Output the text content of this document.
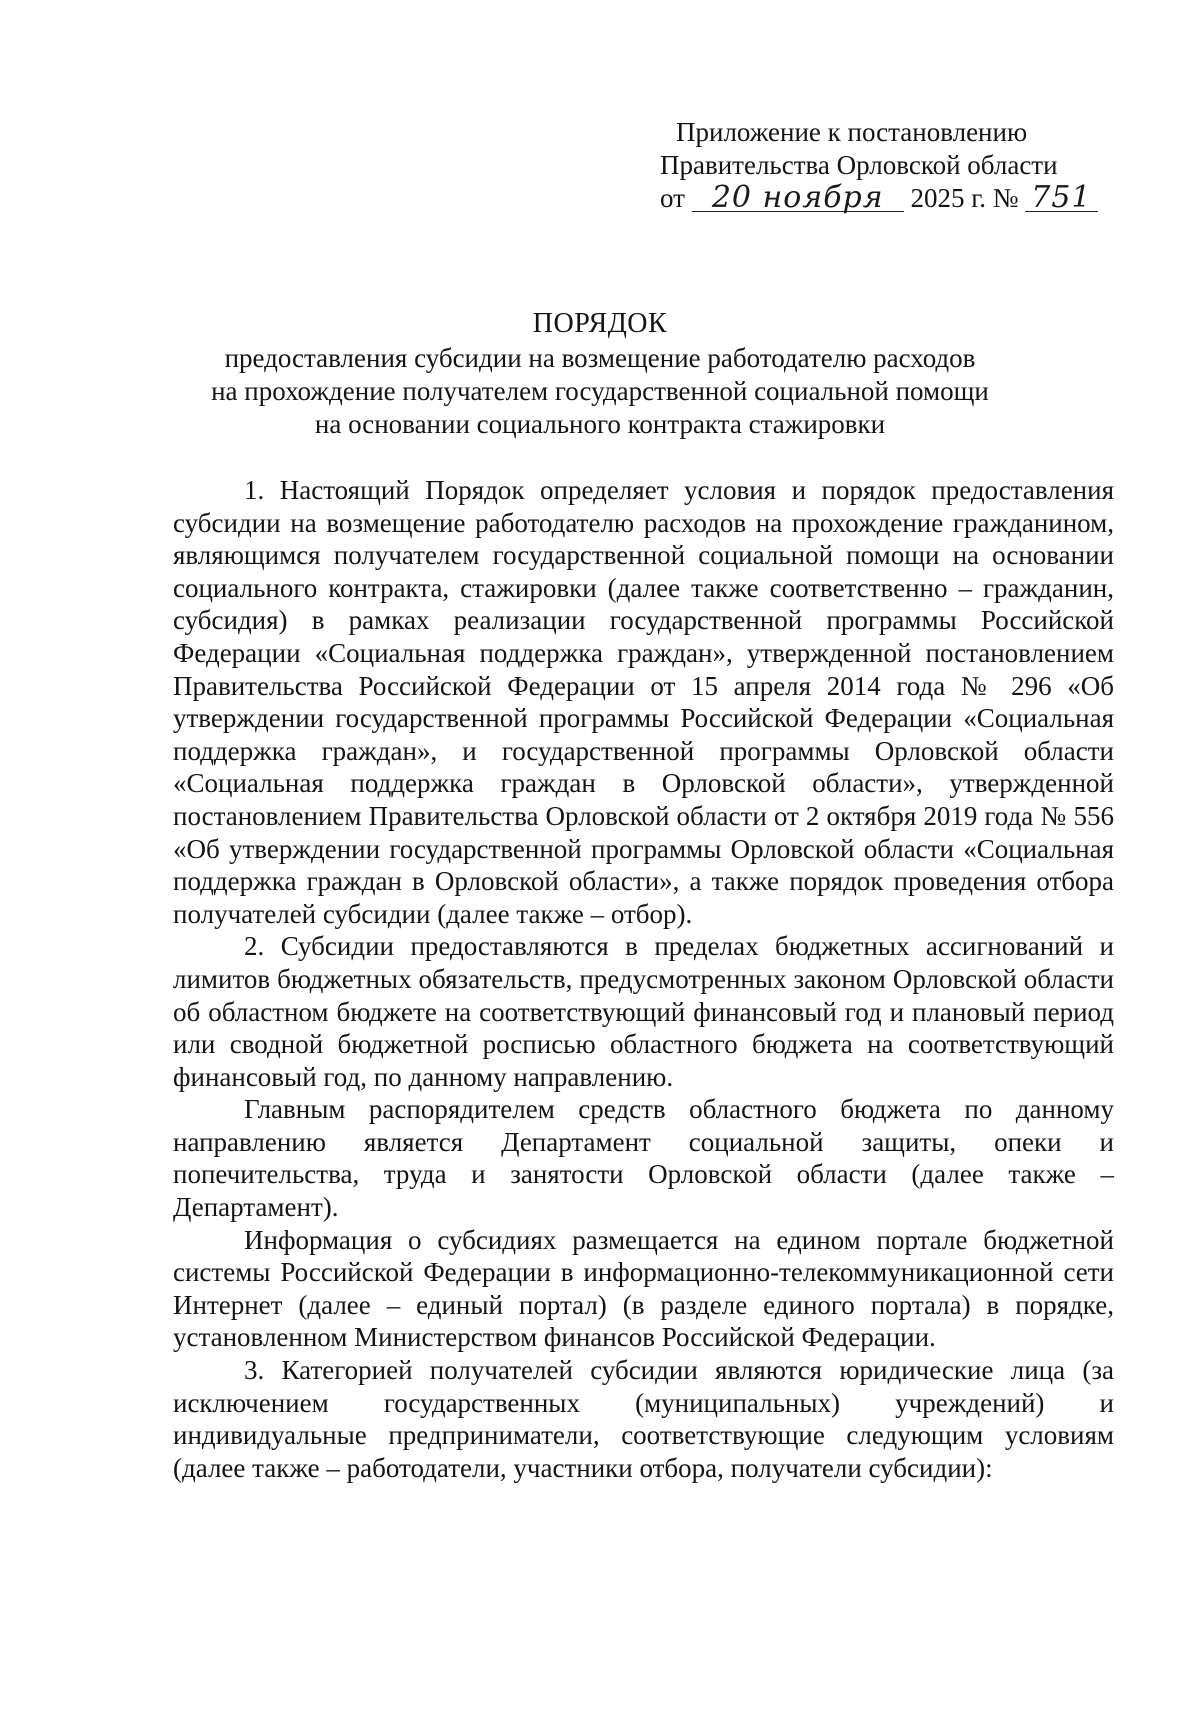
Приложение к постановлению
Правительства Орловской области
от 20 ноября 2025 г. № 751
ПОРЯДОК
предоставления субсидии на возмещение работодателю расходов
на прохождение получателем государственной социальной помощи
на основании социального контракта стажировки

1. Настоящий Порядок определяет условия и порядок предоставления субсидии на возмещение работодателю расходов на прохождение гражданином, являющимся получателем государственной социальной помощи на основании социального контракта, стажировки (далее также соответственно – гражданин, субсидия) в рамках реализации государственной программы Российской Федерации «Социальная поддержка граждан», утвержденной постановлением Правительства Российской Федерации от 15 апреля 2014 года № 296 «Об утверждении государственной программы Российской Федерации «Социальная поддержка граждан», и государственной программы Орловской области «Социальная поддержка граждан в Орловской области», утвержденной постановлением Правительства Орловской области от 2 октября 2019 года № 556 «Об утверждении государственной программы Орловской области «Социальная поддержка граждан в Орловской области», а также порядок проведения отбора получателей субсидии (далее также – отбор).

2. Субсидии предоставляются в пределах бюджетных ассигнований и лимитов бюджетных обязательств, предусмотренных законом Орловской области об областном бюджете на соответствующий финансовый год и плановый период или сводной бюджетной росписью областного бюджета на соответствующий финансовый год, по данному направлению.

Главным распорядителем средств областного бюджета по данному направлению является Департамент социальной защиты, опеки и попечительства, труда и занятости Орловской области (далее также – Департамент).

Информация о субсидиях размещается на едином портале бюджетной системы Российской Федерации в информационно-телекоммуникационной сети Интернет (далее – единый портал) (в разделе единого портала) в порядке, установленном Министерством финансов Российской Федерации.

3. Категорией получателей субсидии являются юридические лица (за исключением государственных (муниципальных) учреждений) и индивидуальные предприниматели, соответствующие следующим условиям (далее также – работодатели, участники отбора, получатели субсидии):
